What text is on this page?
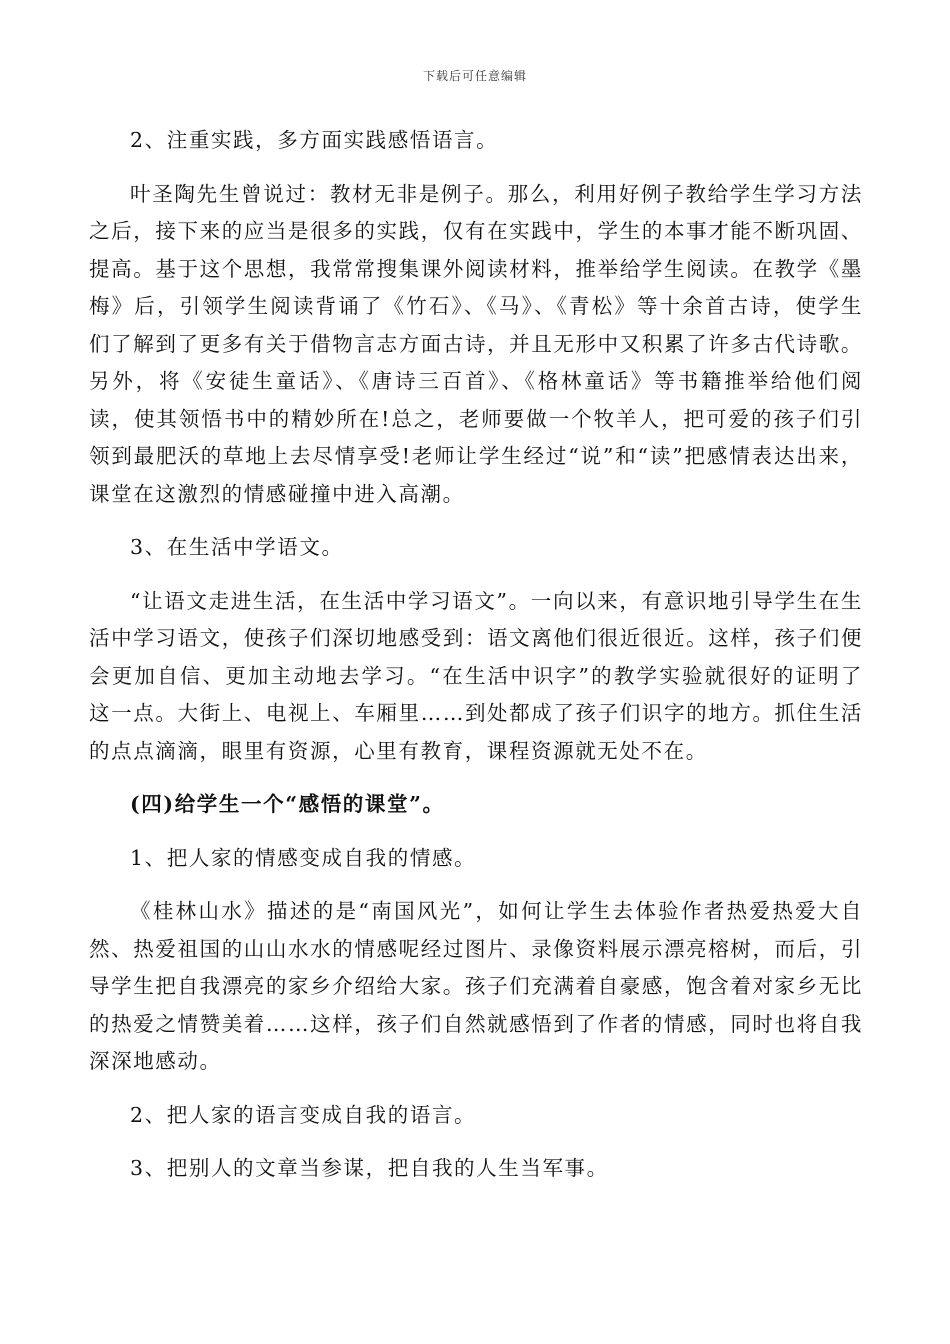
下载后可任意编辑

2、注重实践，多方面实践感悟语言。

叶圣陶先生曾说过：教材无非是例子。那么，利用好例子教给学生学习方法之后，接下来的应当是很多的实践，仅有在实践中，学生的本事才能不断巩固、提高。基于这个思想，我常常搜集课外阅读材料，推举给学生阅读。在教学《墨梅》后，引领学生阅读背诵了《竹石》、《马》、《青松》等十余首古诗，使学生们了解到了更多有关于借物言志方面古诗，并且无形中又积累了许多古代诗歌。另外，将《安徒生童话》、《唐诗三百首》、《格林童话》等书籍推举给他们阅读，使其领悟书中的精妙所在!总之，老师要做一个牧羊人，把可爱的孩子们引领到最肥沃的草地上去尽情享受!老师让学生经过“说”和“读”把感情表达出来，课堂在这激烈的情感碰撞中进入高潮。

3、在生活中学语文。

“让语文走进生活，在生活中学习语文”。一向以来，有意识地引导学生在生活中学习语文，使孩子们深切地感受到：语文离他们很近很近。这样，孩子们便会更加自信、更加主动地去学习。“在生活中识字”的教学实验就很好的证明了这一点。大街上、电视上、车厢里……到处都成了孩子们识字的地方。抓住生活的点点滴滴，眼里有资源，心里有教育，课程资源就无处不在。

(四)给学生一个“感悟的课堂”。

1、把人家的情感变成自我的情感。

《桂林山水》描述的是“南国风光”，如何让学生去体验作者热爱热爱大自然、热爱祖国的山山水水的情感呢经过图片、录像资料展示漂亮榕树，而后，引导学生把自我漂亮的家乡介绍给大家。孩子们充满着自豪感，饱含着对家乡无比的热爱之情赞美着……这样，孩子们自然就感悟到了作者的情感，同时也将自我深深地感动。

2、把人家的语言变成自我的语言。

3、把别人的文章当参谋，把自我的人生当军事。
